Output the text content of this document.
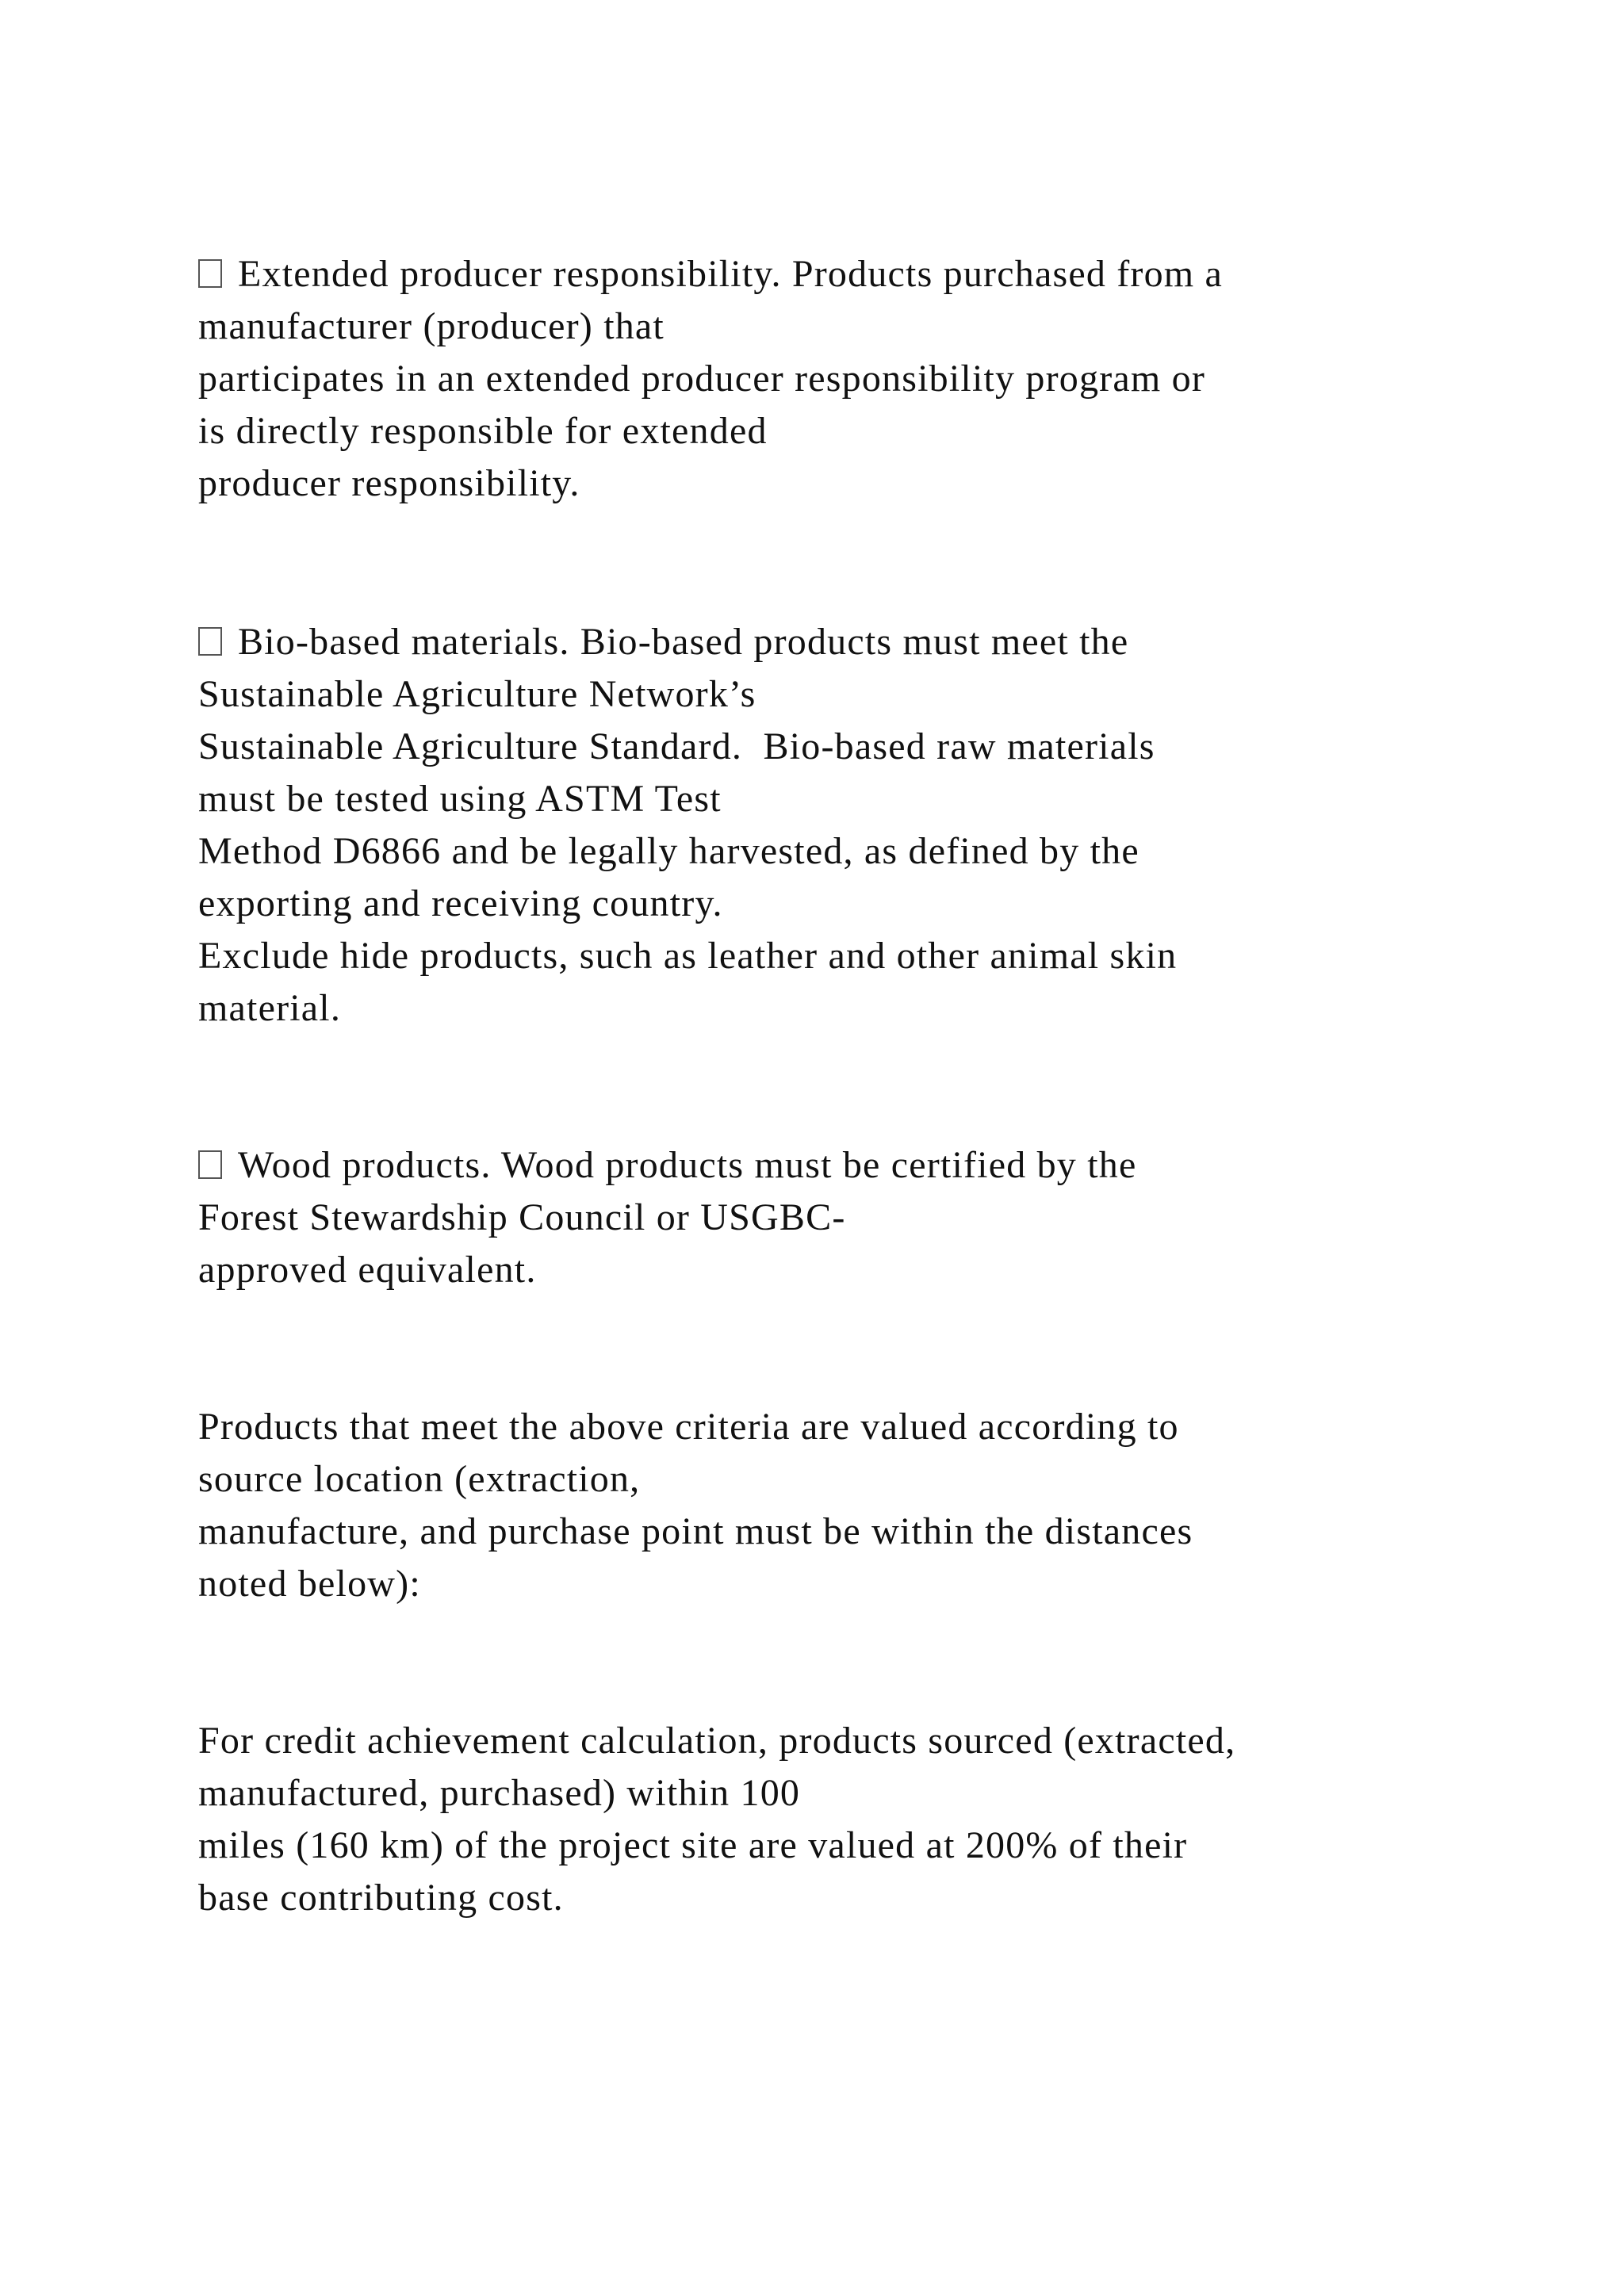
Extended producer responsibility. Products purchased from a
manufacturer (producer) that
participates in an extended producer responsibility program or
is directly responsible for extended
producer responsibility.
Bio-based materials. Bio-based products must meet the
Sustainable Agriculture Network’s
Sustainable Agriculture Standard.  Bio-based raw materials
must be tested using ASTM Test
Method D6866 and be legally harvested, as defined by the
exporting and receiving country.
Exclude hide products, such as leather and other animal skin
material.
Wood products. Wood products must be certified by the
Forest Stewardship Council or USGBC-
approved equivalent.
Products that meet the above criteria are valued according to
source location (extraction,
manufacture, and purchase point must be within the distances
noted below):
For credit achievement calculation, products sourced (extracted,
manufactured, purchased) within 100
miles (160 km) of the project site are valued at 200% of their
base contributing cost.
